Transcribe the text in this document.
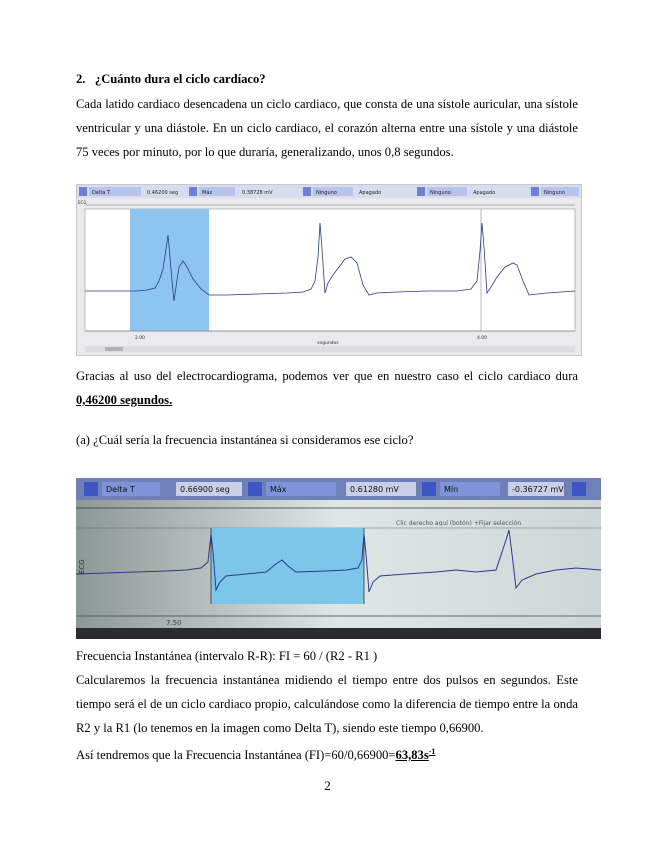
2. ¿Cuánto dura el ciclo cardíaco?
Cada latido cardiaco desencadena un ciclo cardiaco, que consta de una sístole auricular, una sístole ventricular y una diástole. En un ciclo cardiaco, el corazón alterna entre una sístole y una diástole 75 veces por minuto, por lo que duraría, generalizando, unos 0,8 segundos.
Delta T	0.46200 seg	Máx	0.38728 mV	Ninguno	Apagado	Ninguno	Apagado	Ninguno
ECG
2.00	4.00
segundos
Gracias al uso del electrocardiograma, podemos ver que en nuestro caso el ciclo cardiaco dura 0,46200 segundos.
(a) ¿Cuál sería la frecuencia instantánea si consideramos ese ciclo?
Delta T	0.66900 seg	Máx	0.61280 mV	Mín	-0.36727 mV
Clic derecho aquí (botón) +Fijar selección
7.50
ECG
Frecuencia Instantánea (intervalo R-R): FI = 60 / (R2 - R1 )
Calcularemos la frecuencia instantánea midiendo el tiempo entre dos pulsos en segundos. Este tiempo será el de un ciclo cardiaco propio, calculándose como la diferencia de tiempo entre la onda R2 y la R1 (lo tenemos en la imagen como Delta T), siendo este tiempo 0,66900.
Así tendremos que la Frecuencia Instantánea $(FI)=60/0,66900=63,83s^{-1}$
2
